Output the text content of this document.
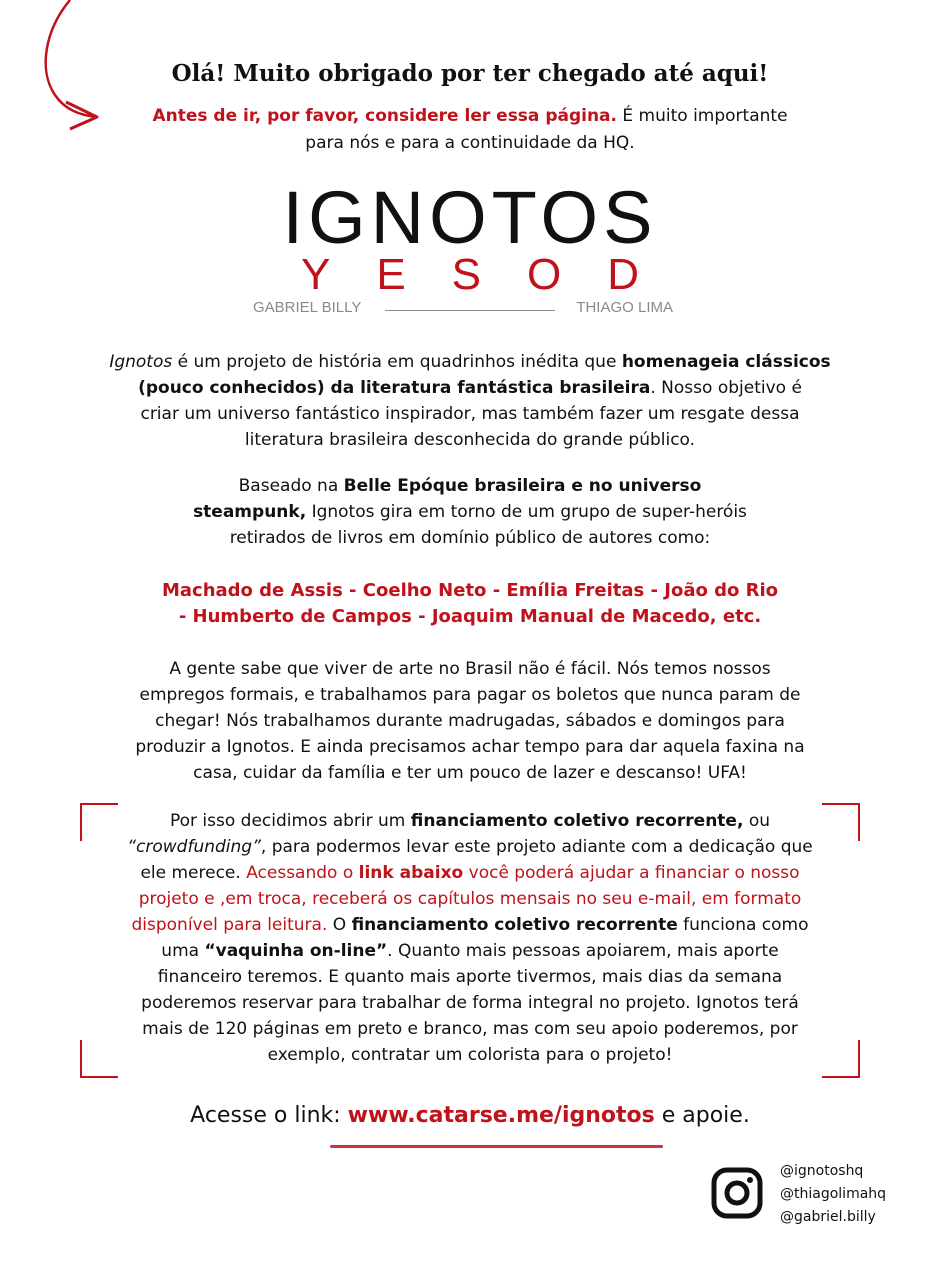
Olá! Muito obrigado por ter chegado até aqui!
Antes de ir, por favor, considere ler essa página. É muito importante
para nós e para a continuidade da HQ.
IGNOTOS
YESOD
GABRIEL BILLY	THIAGO LIMA
Ignotos é um projeto de história em quadrinhos inédita que homenageia clássicos
(pouco conhecidos) da literatura fantástica brasileira. Nosso objetivo é
criar um universo fantástico inspirador, mas também fazer um resgate dessa
literatura brasileira desconhecida do grande público.
Baseado na Belle Epóque brasileira e no universo
steampunk, Ignotos gira em torno de um grupo de super-heróis
retirados de livros em domínio público de autores como:
Machado de Assis - Coelho Neto - Emília Freitas - João do Rio
- Humberto de Campos - Joaquim Manual de Macedo, etc.
A gente sabe que viver de arte no Brasil não é fácil. Nós temos nossos
empregos formais, e trabalhamos para pagar os boletos que nunca param de
chegar! Nós trabalhamos durante madrugadas, sábados e domingos para
produzir a Ignotos. E ainda precisamos achar tempo para dar aquela faxina na
casa, cuidar da família e ter um pouco de lazer e descanso! UFA!
Por isso decidimos abrir um financiamento coletivo recorrente, ou
“crowdfunding”, para podermos levar este projeto adiante com a dedicação que
ele merece. Acessando o link abaixo você poderá ajudar a financiar o nosso
projeto e ,em troca, receberá os capítulos mensais no seu e-mail, em formato
disponível para leitura. O financiamento coletivo recorrente funciona como
uma “vaquinha on-line”. Quanto mais pessoas apoiarem, mais aporte
financeiro teremos. E quanto mais aporte tivermos, mais dias da semana
poderemos reservar para trabalhar de forma integral no projeto. Ignotos terá
mais de 120 páginas em preto e branco, mas com seu apoio poderemos, por
exemplo, contratar um colorista para o projeto!
Acesse o link: www.catarse.me/ignotos e apoie.
@ignotoshq
@thiagolimahq
@gabriel.billy
